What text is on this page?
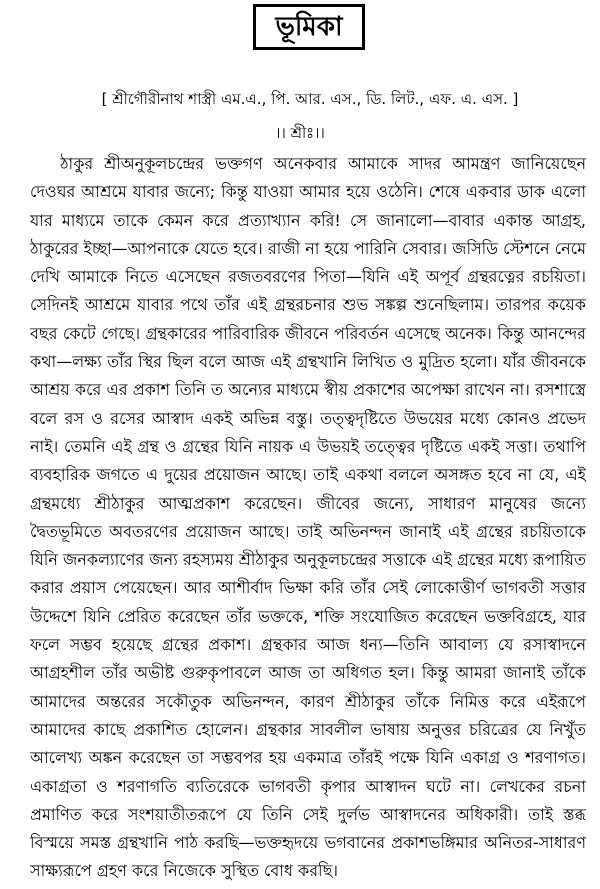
ভূমিকা
[ শ্রীগৌরীনাথ শাস্ত্রী এম.এ., পি. আর. এস., ডি. লিট., এফ. এ. এস. ]
।। শ্রীঃ।।

ঠাকুর শ্রীঅনুকূলচন্দ্রের ভক্তগণ অনেকবার আমাকে সাদর আমন্ত্রণ জানিয়েছেন দেওঘর আশ্রমে যাবার জন্যে; কিন্তু যাওয়া আমার হয়ে ওঠেনি। শেষে একবার ডাক এলো যার মাধ্যমে তাকে কেমন করে প্রত্যাখ্যান করি! সে জানালো—বাবার একান্ত আগ্রহ, ঠাকুরের ইচ্ছা—আপনাকে যেতে হবে। রাজী না হয়ে পারিনি সেবার। জসিডি স্টেশনে নেমে দেখি আমাকে নিতে এসেছেন রজতবরণের পিতা—যিনি এই অপূর্ব গ্রন্থরত্নের রচয়িতা। সেদিনই আশ্রমে যাবার পথে তাঁর এই গ্রন্থরচনার শুভ সঙ্কল্প শুনেছিলাম। তারপর কয়েক বছর কেটে গেছে। গ্রন্থকারের পারিবারিক জীবনে পরিবর্তন এসেছে অনেক। কিন্তু আনন্দের কথা—লক্ষ্য তাঁর স্থির ছিল বলে আজ এই গ্রন্থখানি লিখিত ও মুদ্রিত হলো। যাঁর জীবনকে আশ্রয় করে এর প্রকাশ তিনি ত অন্যের মাধ্যমে স্বীয় প্রকাশের অপেক্ষা রাখেন না। রসশাস্ত্রে বলে রস ও রসের আস্বাদ একই অভিন্ন বস্তু। তত্ত্বদৃষ্টিতে উভয়ের মধ্যে কোনও প্রভেদ নাই। তেমনি এই গ্রন্থ ও গ্রন্থের যিনি নায়ক এ উভয়ই তত্ত্বের দৃষ্টিতে একই সত্তা। তথাপি ব্যবহারিক জগতে এ দুয়ের প্রয়োজন আছে। তাই একথা বললে অসঙ্গত হবে না যে, এই গ্রন্থমধ্যে শ্রীঠাকুর আত্মপ্রকাশ করেছেন। জীবের জন্যে, সাধারণ মানুষের জন্যে দ্বৈতভূমিতে অবতরণের প্রয়োজন আছে। তাই অভিনন্দন জানাই এই গ্রন্থের রচয়িতাকে যিনি জনকল্যাণের জন্য রহস্যময় শ্রীঠাকুর অনুকূলচন্দ্রের সত্তাকে এই গ্রন্থের মধ্যে রূপায়িত করার প্রয়াস পেয়েছেন। আর আশীর্বাদ ভিক্ষা করি তাঁর সেই লোকোত্তীর্ণ ভাগবতী সত্তার উদ্দেশে যিনি প্রেরিত করেছেন তাঁর ভক্তকে, শক্তি সংযোজিত করেছেন ভক্তবিগ্রহে, যার ফলে সম্ভব হয়েছে গ্রন্থের প্রকাশ। গ্রন্থকার আজ ধন্য—তিনি আবাল্য যে রসাস্বাদনে আগ্রহশীল তাঁর অভীষ্ট গুরুকৃপাবলে আজ তা অধিগত হল। কিন্তু আমরা জানাই তাঁকে আমাদের অন্তরের সকৌতুক অভিনন্দন, কারণ শ্রীঠাকুর তাঁকে নিমিত্ত করে এইরূপে আমাদের কাছে প্রকাশিত হোলেন। গ্রন্থকার সাবলীল ভাষায় অনুত্তর চরিত্রের যে নিখুঁত আলেখ্য অঙ্কন করেছেন তা সম্ভবপর হয় একমাত্র তাঁরই পক্ষে যিনি একাগ্র ও শরণাগত। একাগ্রতা ও শরণাগতি ব্যতিরেকে ভাগবতী কৃপার আস্বাদন ঘটে না। লেখকের রচনা প্রমাণিত করে সংশয়াতীতরূপে যে তিনি সেই দুর্লভ আস্বাদনের অধিকারী। তাই স্তব্ধ বিস্ময়ে সমস্ত গ্রন্থখানি পাঠ করছি—ভক্তহৃদয়ে ভগবানের প্রকাশভঙ্গিমার অনিতর-সাধারণ সাক্ষ্যরূপে গ্রহণ করে নিজেকে সুস্থিত বোধ করছি।
